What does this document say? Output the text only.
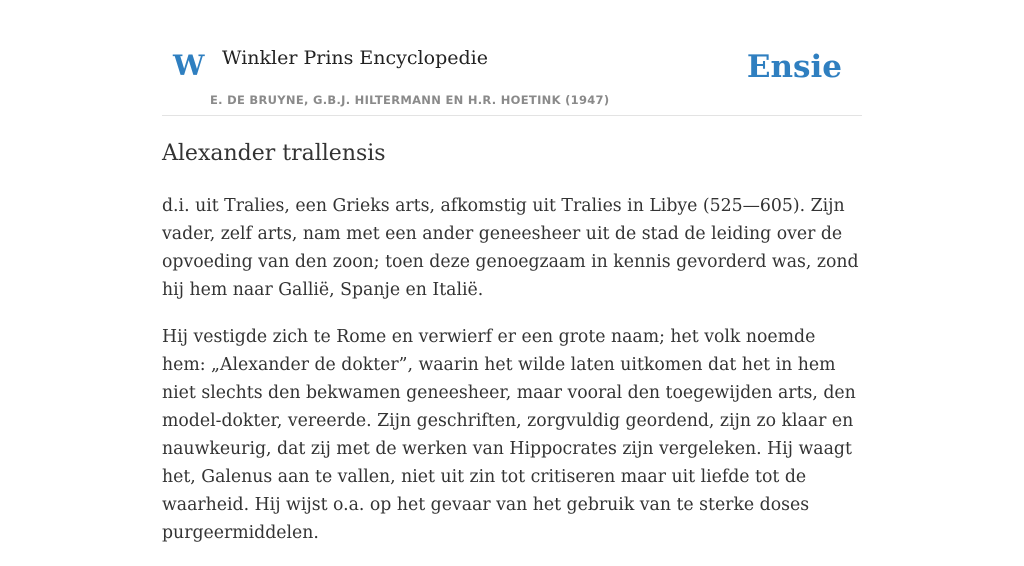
W Winkler Prins Encyclopedie
E. DE BRUYNE, G.B.J. HILTERMANN EN H.R. HOETINK (1947)
Ensie
Alexander trallensis

d.i. uit Tralies, een Grieks arts, afkomstig uit Tralies in Libye (525—605). Zijn vader, zelf arts, nam met een ander geneesheer uit de stad de leiding over de opvoeding van den zoon; toen deze genoegzaam in kennis gevorderd was, zond hij hem naar Gallië, Spanje en Italië.

Hij vestigde zich te Rome en verwierf er een grote naam; het volk noemde hem: „Alexander de dokter”, waarin het wilde laten uitkomen dat het in hem niet slechts den bekwamen geneesheer, maar vooral den toegewijden arts, den model-dokter, vereerde. Zijn geschriften, zorgvuldig geordend, zijn zo klaar en nauwkeurig, dat zij met de werken van Hippocrates zijn vergeleken. Hij waagt het, Galenus aan te vallen, niet uit zin tot critiseren maar uit liefde tot de waarheid. Hij wijst o.a. op het gevaar van het gebruik van te sterke doses purgeermiddelen.
